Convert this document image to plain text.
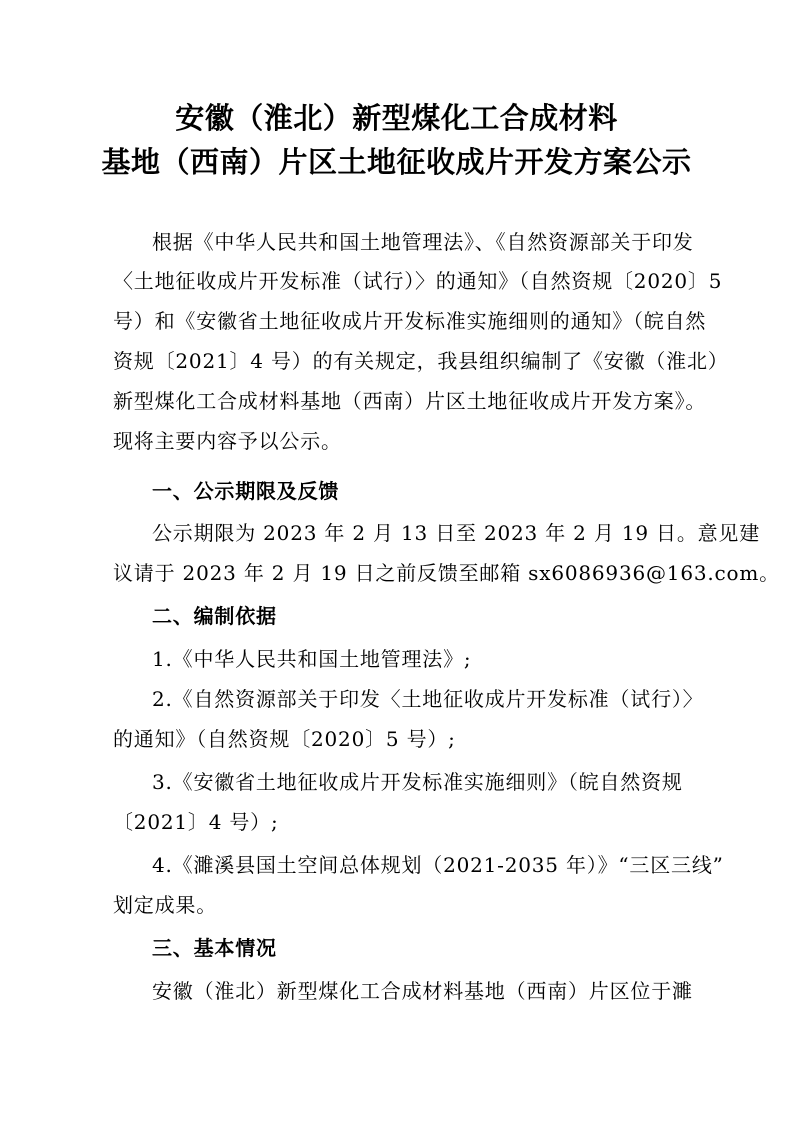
安徽（淮北）新型煤化工合成材料
基地（西南）片区土地征收成片开发方案公示
根据《中华人民共和国土地管理法》、《自然资源部关于印发
〈土地征收成片开发标准（试行）〉的通知》（自然资规〔2020〕5
号）和《安徽省土地征收成片开发标准实施细则的通知》（皖自然
资规〔2021〕4 号）的有关规定，我县组织编制了《安徽（淮北）
新型煤化工合成材料基地（西南）片区土地征收成片开发方案》。
现将主要内容予以公示。
一、公示期限及反馈
公示期限为 2023 年 2 月 13 日至 2023 年 2 月 19 日。意见建
议请于 2023 年 2 月 19 日之前反馈至邮箱 sx6086936@163.com。
二、编制依据
1.《中华人民共和国土地管理法》;
2.《自然资源部关于印发〈土地征收成片开发标准（试行）〉
的通知》（自然资规〔2020〕5 号）;
3.《安徽省土地征收成片开发标准实施细则》（皖自然资规
〔2021〕4 号）;
4.《濉溪县国土空间总体规划（2021-2035 年）》“三区三线”
划定成果。
三、基本情况
安徽（淮北）新型煤化工合成材料基地（西南）片区位于濉
